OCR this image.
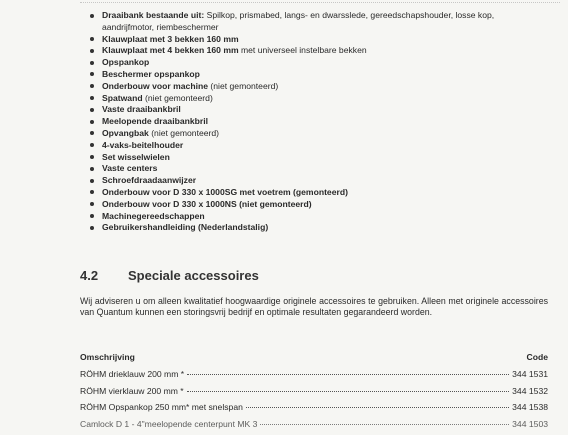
Draaibank bestaande uit: Spilkop, prismabed, langs- en dwarsslede, gereedschapshouder, losse kop,
aandrijfmotor, riembeschermer
Klauwplaat met 3 bekken 160 mm
Klauwplaat met 4 bekken 160 mm met universeel instelbare bekken
Opspankop
Beschermer opspankop
Onderbouw voor machine (niet gemonteerd)
Spatwand (niet gemonteerd)
Vaste draaibankbril
Meelopende draaibankbril
Opvangbak (niet gemonteerd)
4-vaks-beitelhouder
Set wisselwielen
Vaste centers
Schroefdraadaanwijzer
Onderbouw voor D 330 x 1000SG met voetrem (gemonteerd)
Onderbouw voor D 330 x 1000NS (niet gemonteerd)
Machinegereedschappen
Gebruikershandleiding (Nederlandstalig)
4.2 Speciale accessoires
Wij adviseren u om alleen kwalitatief hoogwaardige originele accessoires te gebruiken. Alleen met originele accessoires van Quantum kunnen een storingsvrij bedrijf en optimale resultaten gegarandeerd worden.
Omschrijving	Code
RÖHM drieklauw 200 mm *	344 1531
RÖHM vierklauw 200 mm *	344 1532
RÖHM Opspankop 250 mm* met snelspan	344 1538
Camlock D 1 - 4"meelopende centerpunt MK 3	344 1503
